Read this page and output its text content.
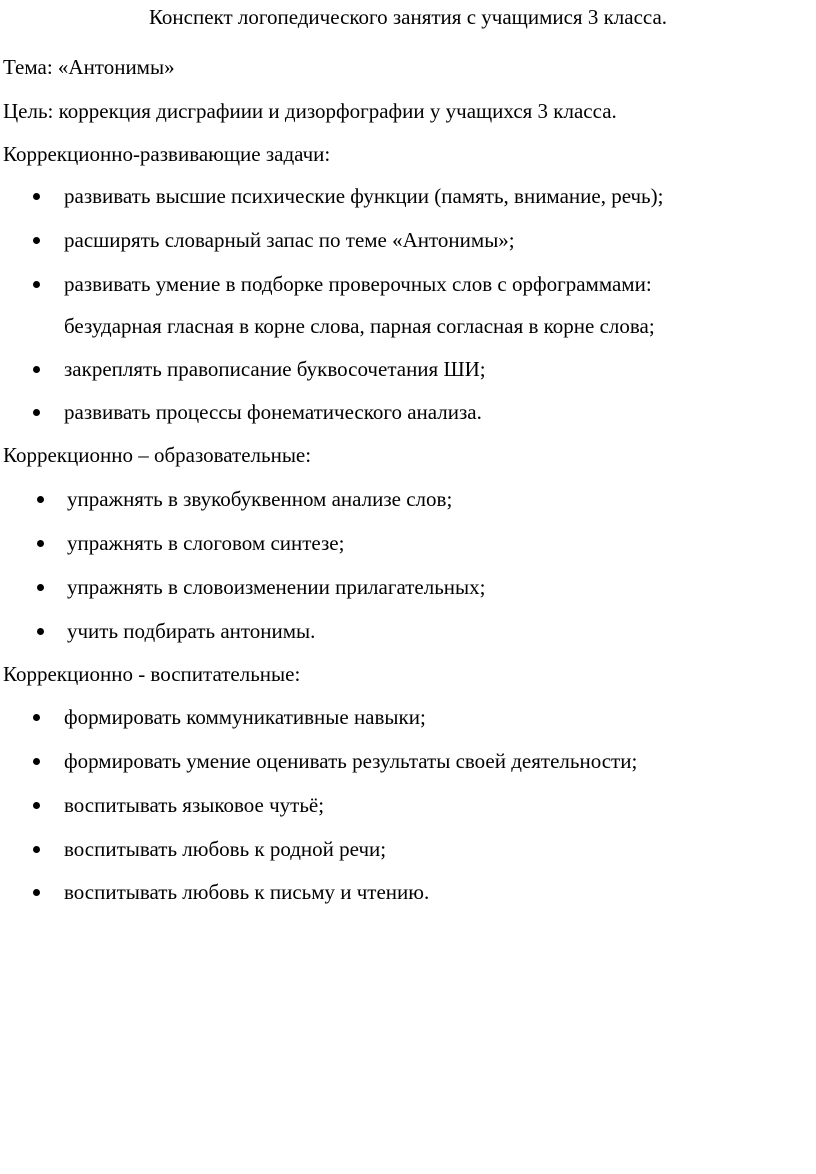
Конспект логопедического занятия с учащимися 3 класса.

Тема: «Антонимы»

Цель: коррекция дисграфиии и дизорфографии у учащихся 3 класса.

Коррекционно-развивающие задачи:

развивать высшие психические функции (память, внимание, речь);
расширять словарный запас по теме «Антонимы»;
развивать умение в подборке проверочных слов с орфограммами:
безударная гласная в корне слова, парная согласная в корне слова;
закреплять правописание буквосочетания ШИ;
развивать процессы фонематического анализа.

Коррекционно – образовательные:

упражнять в звукобуквенном анализе слов;
упражнять в слоговом синтезе;
упражнять в словоизменении прилагательных;
учить подбирать антонимы.

Коррекционно - воспитательные:

формировать коммуникативные навыки;
формировать умение оценивать результаты своей деятельности;
воспитывать языковое чутьё;
воспитывать любовь к родной речи;
воспитывать любовь к письму и чтению.
